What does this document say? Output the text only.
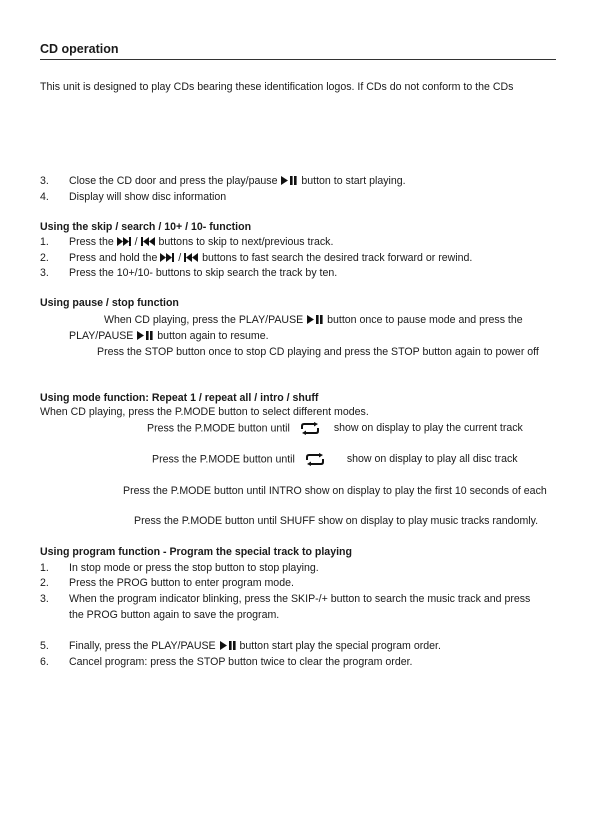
CD operation
This unit is designed to play CDs bearing these identification logos. If CDs do not conform to the CDs
3.	Close the CD door and press the play/pause button to start playing.
4.	Display will show disc information
Using the skip / search / 10+ / 10- function
1.	Press the / buttons to skip to next/previous track.
2.	Press and hold the / buttons to fast search the desired track forward or rewind.
3.	Press the 10+/10- buttons to skip search the track by ten.
Using pause / stop function
When CD playing, press the PLAY/PAUSE button once to pause mode and press the
PLAY/PAUSE button again to resume.
Press the STOP button once to stop CD playing and press the STOP button again to power off
Using mode function: Repeat 1 / repeat all / intro / shuff
When CD playing, press the P.MODE button to select different modes.
Press the P.MODE button until	show on display to play the current track
Press the P.MODE button until	show on display to play all disc track
Press the P.MODE button until INTRO show on display to play the first 10 seconds of each
Press the P.MODE button until SHUFF show on display to play music tracks randomly.
Using program function - Program the special track to playing
1.	In stop mode or press the stop button to stop playing.
2.	Press the PROG button to enter program mode.
3.	When the program indicator blinking, press the SKIP-/+ button to search the music track and press
the PROG button again to save the program.
5.	Finally, press the PLAY/PAUSE button start play the special program order.
6.	Cancel program: press the STOP button twice to clear the program order.
